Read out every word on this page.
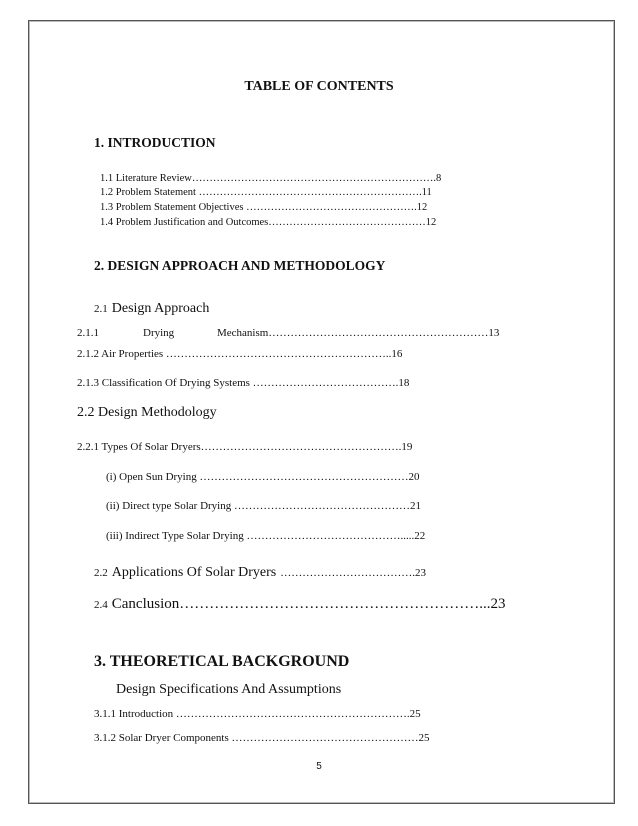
TABLE OF CONTENTS
1. INTRODUCTION
1.1 Literature Review…………………………………………………………….8
1.2 Problem Statement ……………………………………………………….11
1.3 Problem Statement Objectives ………………………………………….12
1.4 Problem Justification and Outcomes………………………………………12
2. DESIGN APPROACH AND METHODOLOGY
2.1 Design Approach
2.1.1	Drying	Mechanism……………………………………………………13
2.1.2 Air Properties ……………………………………………………..16
2.1.3 Classification Of Drying Systems ………………………………….18
2.2 Design Methodology
2.2.1 Types Of Solar Dryers……………………………………………….19
(i) Open Sun Drying …………………………………………………20
(ii) Direct type Solar Drying …………………………………………21
(iii) Indirect Type Solar Drying …………………………………….....22
2.2 Applications Of Solar Dryers ……………………………….23
2.4 Canclusion……………………………………………………...23
3. THEORETICAL BACKGROUND
Design Specifications And Assumptions
3.1.1 Introduction ……………………………………………………….25
3.1.2 Solar Dryer Components ……………………………………………25
5
